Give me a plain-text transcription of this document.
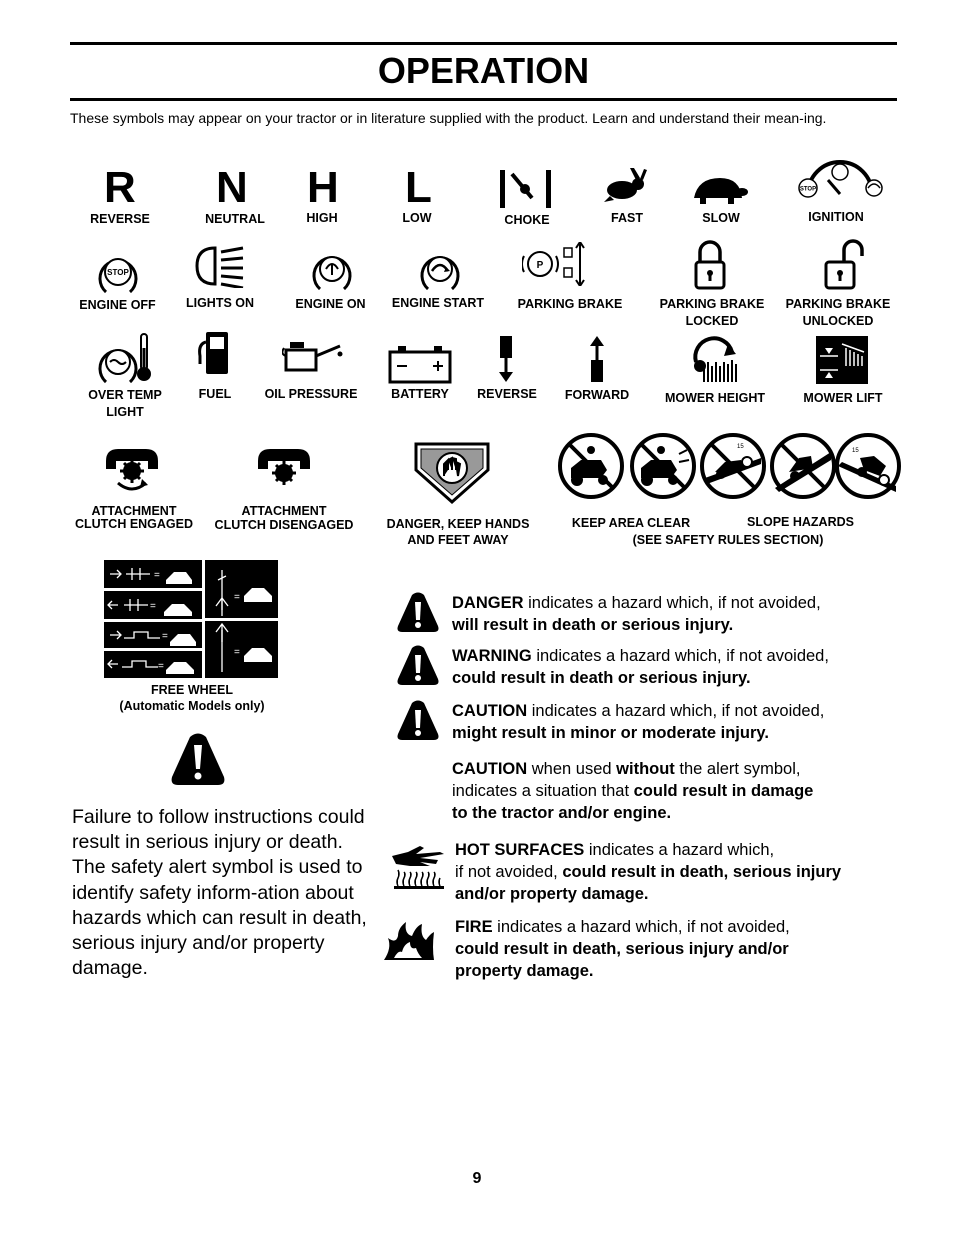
OPERATION
These symbols may appear on your tractor or in literature supplied with the product. Learn and understand their mean-ing.
R
REVERSE
N
NEUTRAL
H
HIGH
L
LOW	CHOKE	FAST	SLOW
STOP
IGNITION
STOP
ENGINE OFF	LIGHTS ON	ENGINE ON	ENGINE START
P
PARKING BRAKE	PARKING BRAKE
LOCKED
PARKING BRAKE
UNLOCKED
OVER TEMP
LIGHT
FUEL	OIL PRESSURE	BATTERY	REVERSE	FORWARD	MOWER HEIGHT	MOWER LIFT
ATTACHMENT
CLUTCH ENGAGED
ATTACHMENT
CLUTCH DISENGAGED	DANGER, KEEP HANDS
AND FEET AWAY
15
15
KEEP AREA CLEAR	SLOPE HAZARDS
(SEE SAFETY RULES SECTION)
=
=
=
=
=
=
FREE WHEEL
(Automatic Models only)
Failure to follow instructions could result in serious injury or death. The safety alert symbol is used to identify safety inform-ation about hazards which can result in death, serious injury and/or property damage.
DANGER indicates a hazard which, if not avoided,
will result in death or serious injury.
WARNING indicates a hazard which, if not avoided,
could result in death or serious injury.
CAUTION indicates a hazard which, if not avoided,
might result in minor or moderate injury.
CAUTION when used without the alert symbol,
indicates a situation that could result in damage
to the tractor and/or engine.
HOT SURFACES indicates a hazard which,
if not avoided, could result in death, serious injury
and/or property damage.
FIRE indicates a hazard which, if not avoided,
could result in death, serious injury and/or
property damage.
9
